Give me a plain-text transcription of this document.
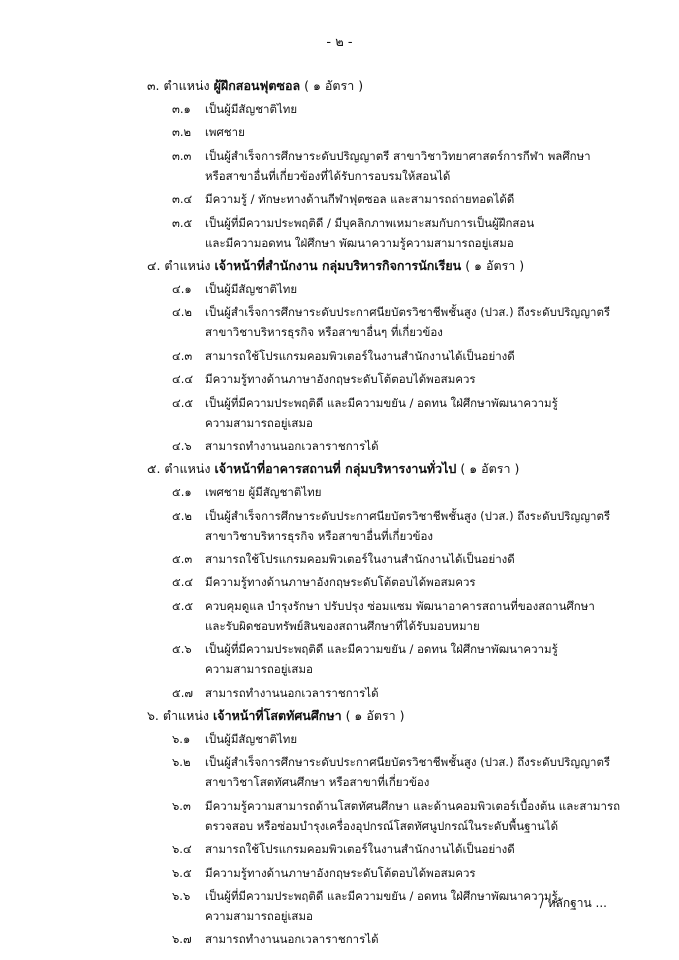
- ๒ -
๓. ตำแหน่ง ผู้ฝึกสอนฟุตซอล ( ๑ อัตรา )
๓.๑	เป็นผู้มีสัญชาติไทย
๓.๒	เพศชาย
๓.๓	เป็นผู้สำเร็จการศึกษาระดับปริญญาตรี สาขาวิชาวิทยาศาสตร์การกีฬา พลศึกษา
หรือสาขาอื่นที่เกี่ยวข้องที่ได้รับการอบรมให้สอนได้
๓.๔	มีความรู้ / ทักษะทางด้านกีฬาฟุตซอล และสามารถถ่ายทอดได้ดี
๓.๕	เป็นผู้ที่มีความประพฤติดี / มีบุคลิกภาพเหมาะสมกับการเป็นผู้ฝึกสอน
และมีความอดทน ใฝ่ศึกษา พัฒนาความรู้ความสามารถอยู่เสมอ
๔. ตำแหน่ง เจ้าหน้าที่สำนักงาน กลุ่มบริหารกิจการนักเรียน ( ๑ อัตรา )
๔.๑	เป็นผู้มีสัญชาติไทย
๔.๒	เป็นผู้สำเร็จการศึกษาระดับประกาศนียบัตรวิชาชีพชั้นสูง (ปวส.) ถึงระดับปริญญาตรี
สาขาวิชาบริหารธุรกิจ หรือสาขาอื่นๆ ที่เกี่ยวข้อง
๔.๓	สามารถใช้โปรแกรมคอมพิวเตอร์ในงานสำนักงานได้เป็นอย่างดี
๔.๔	มีความรู้ทางด้านภาษาอังกฤษระดับโต้ตอบได้พอสมควร
๔.๕	เป็นผู้ที่มีความประพฤติดี และมีความขยัน / อดทน ใฝ่ศึกษาพัฒนาความรู้
ความสามารถอยู่เสมอ
๔.๖	สามารถทำงานนอกเวลาราชการได้
๕. ตำแหน่ง เจ้าหน้าที่อาคารสถานที่ กลุ่มบริหารงานทั่วไป ( ๑ อัตรา )
๕.๑	เพศชาย ผู้มีสัญชาติไทย
๕.๒	เป็นผู้สำเร็จการศึกษาระดับประกาศนียบัตรวิชาชีพชั้นสูง (ปวส.) ถึงระดับปริญญาตรี
สาขาวิชาบริหารธุรกิจ หรือสาขาอื่นที่เกี่ยวข้อง
๕.๓	สามารถใช้โปรแกรมคอมพิวเตอร์ในงานสำนักงานได้เป็นอย่างดี
๕.๔	มีความรู้ทางด้านภาษาอังกฤษระดับโต้ตอบได้พอสมควร
๕.๕	ควบคุมดูแล บำรุงรักษา ปรับปรุง ซ่อมแซม พัฒนาอาคารสถานที่ของสถานศึกษา
และรับผิดชอบทรัพย์สินของสถานศึกษาที่ได้รับมอบหมาย
๕.๖	เป็นผู้ที่มีความประพฤติดี และมีความขยัน / อดทน ใฝ่ศึกษาพัฒนาความรู้
ความสามารถอยู่เสมอ
๕.๗	สามารถทำงานนอกเวลาราชการได้
๖. ตำแหน่ง เจ้าหน้าที่โสตทัศนศึกษา ( ๑ อัตรา )
๖.๑	เป็นผู้มีสัญชาติไทย
๖.๒	เป็นผู้สำเร็จการศึกษาระดับประกาศนียบัตรวิชาชีพชั้นสูง (ปวส.) ถึงระดับปริญญาตรี
สาขาวิชาโสตทัศนศึกษา หรือสาขาที่เกี่ยวข้อง
๖.๓	มีความรู้ความสามารถด้านโสตทัศนศึกษา และด้านคอมพิวเตอร์เบื้องต้น และสามารถ
ตรวจสอบ หรือซ่อมบำรุงเครื่องอุปกรณ์โสตทัศนูปกรณ์ในระดับพื้นฐานได้
๖.๔	สามารถใช้โปรแกรมคอมพิวเตอร์ในงานสำนักงานได้เป็นอย่างดี
๖.๕	มีความรู้ทางด้านภาษาอังกฤษระดับโต้ตอบได้พอสมควร
๖.๖	เป็นผู้ที่มีความประพฤติดี และมีความขยัน / อดทน ใฝ่ศึกษาพัฒนาความรู้
ความสามารถอยู่เสมอ
๖.๗	สามารถทำงานนอกเวลาราชการได้
/ หลักฐาน ...
